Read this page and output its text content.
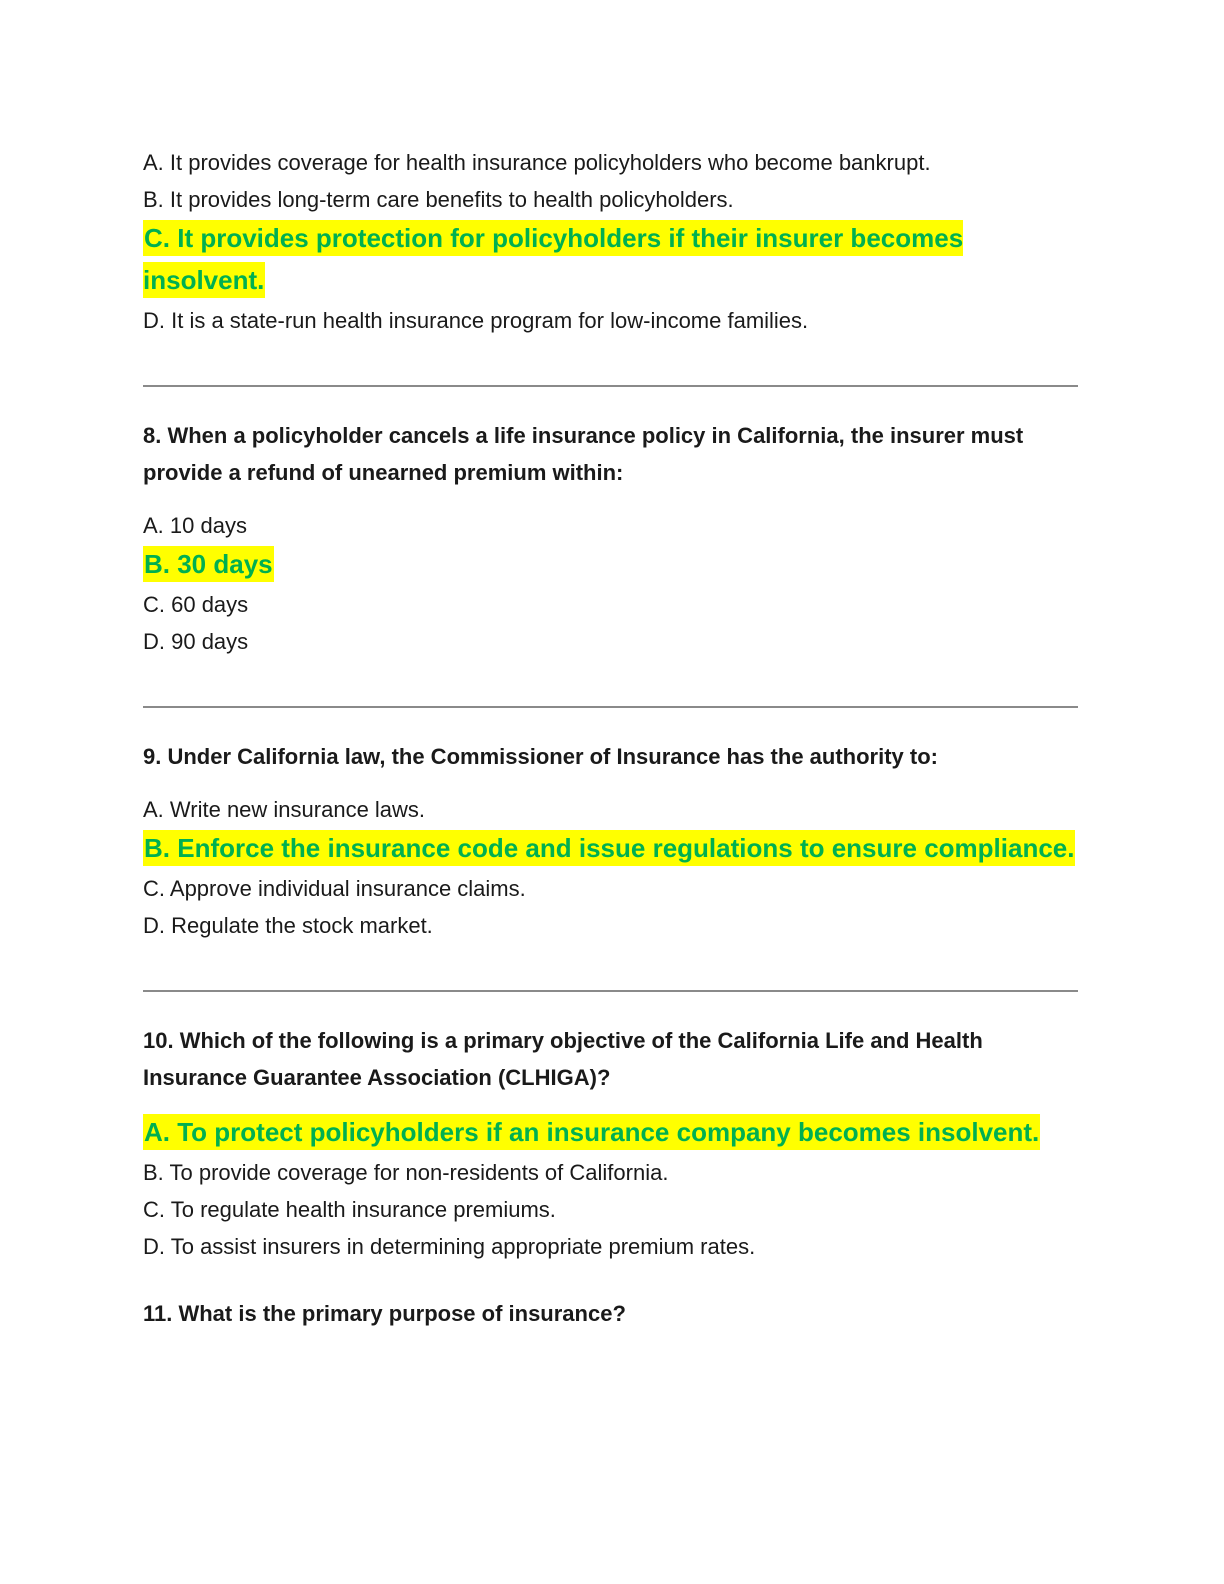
A. It provides coverage for health insurance policyholders who become bankrupt.

B. It provides long-term care benefits to health policyholders.

C. It provides protection for policyholders if their insurer becomes insolvent.

D. It is a state-run health insurance program for low-income families.

8. When a policyholder cancels a life insurance policy in California, the insurer must provide a refund of unearned premium within:

A. 10 days

B. 30 days

C. 60 days

D. 90 days

9. Under California law, the Commissioner of Insurance has the authority to:

A. Write new insurance laws.

B. Enforce the insurance code and issue regulations to ensure compliance.

C. Approve individual insurance claims.

D. Regulate the stock market.

10. Which of the following is a primary objective of the California Life and Health Insurance Guarantee Association (CLHIGA)?

A. To protect policyholders if an insurance company becomes insolvent.

B. To provide coverage for non-residents of California.

C. To regulate health insurance premiums.

D. To assist insurers in determining appropriate premium rates.

11. What is the primary purpose of insurance?
